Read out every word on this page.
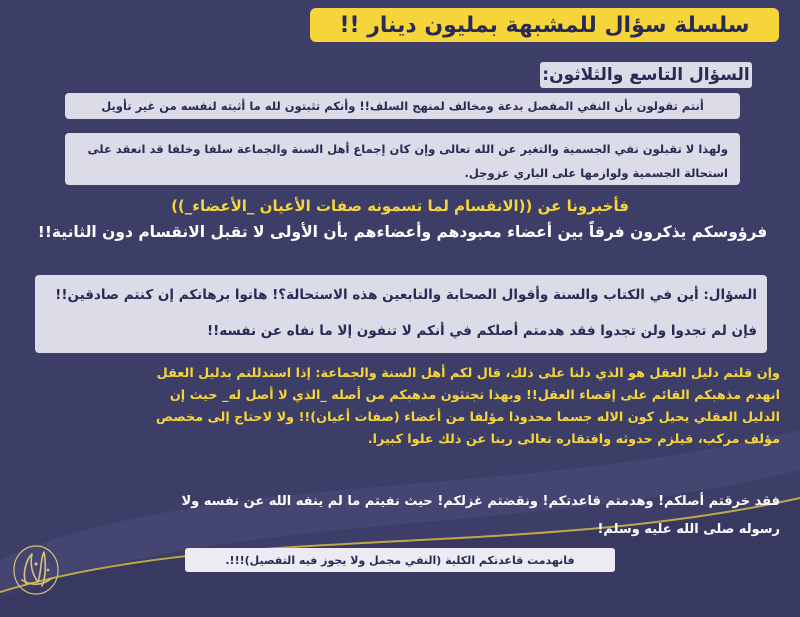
سلسلة سؤال للمشبهة بمليون دينار !!
السؤال التاسع والثلاثون:
أنتم تقولون بأن النفي المفصل بدعة ومخالف لمنهج السلف!! وأنكم تثبتون لله ما أثبته لنفسه من غير تأويل
ولهذا لا تقبلون نفي الجسمية والتغير عن الله تعالى وإن كان إجماع أهل السنة والجماعة سلفا وخلفا قد انعقد على استحالة الجسمية ولوازمها على الباري عزوجل.
فأخبرونا عن ((الانقسام لما تسمونه صفات الأعيان _الأعضاء_))
فرؤوسكم يذكرون فرقاً بين أعضاء معبودهم وأعضاءهم بأن الأولى لا تقبل الانقسام دون الثانية!!
السؤال: أين في الكتاب والسنة وأقوال الصحابة والتابعين هذه الاستحالة؟! هاتوا برهانكم إن كنتم صادقين!! فإن لم تجدوا ولن تجدوا فقد هدمتم أصلكم في أنكم لا تنفون إلا ما نفاه عن نفسه!!

وإن قلتم دليل العقل هو الذي دلنا على ذلك، قال لكم أهل السنة والجماعة: إذا استدللتم بدليل العقل

انهدم مذهبكم القائم على إقصاء العقل!! وبهذا تجتثون مذهبكم من أصله _الذي لا أصل له_ حيث إن

الدليل العقلي يحيل كون الاله جسما محدودا مؤلفا من أعضاء (صفات أعيان)!! ولا لاحتاج إلى مخصص

مؤلف مركب، فيلزم حدوثه وافتقاره تعالى ربنا عن ذلك علوا كبيرا.

فقد خرقتم أصلكم! وهدمتم قاعدتكم! ونقضتم غزلكم! حيث نفيتم ما لم ينفه الله عن نفسه ولا

رسوله صلى الله عليه وسلم!

فانهدمت قاعدتكم الكلية (النفي مجمل ولا يجوز فيه التفصيل)!!!.
